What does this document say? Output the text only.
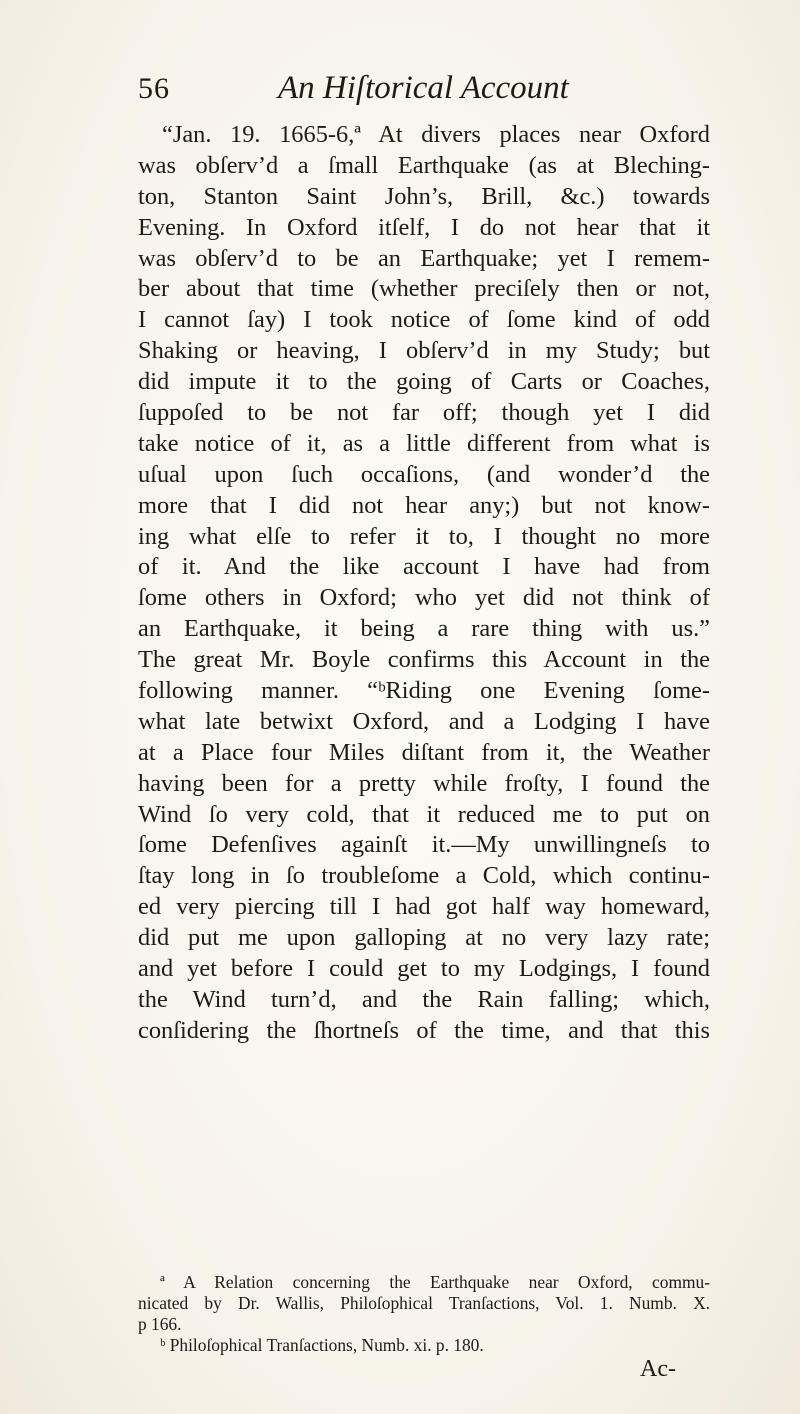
56	An Hiſtorical Account
“Jan. 19. 1665-6,ª At divers places near Oxford
was obſerv’d a ſmall Earthquake (as at Bleching-
ton, Stanton Saint John’s, Brill, &c.) towards
Evening. In Oxford itſelf, I do not hear that it
was obſerv’d to be an Earthquake; yet I remem-
ber about that time (whether preciſely then or not,
I cannot ſay) I took notice of ſome kind of odd
Shaking or heaving, I obſerv’d in my Study; but
did impute it to the going of Carts or Coaches,
ſuppoſed to be not far off; though yet I did
take notice of it, as a little different from what is
uſual upon ſuch occaſions, (and wonder’d the
more that I did not hear any;) but not know-
ing what elſe to refer it to, I thought no more
of it. And the like account I have had from
ſome others in Oxford; who yet did not think of
an Earthquake, it being a rare thing with us.”
The great Mr. Boyle confirms this Account in the
following manner. “ᵇRiding one Evening ſome-
what late betwixt Oxford, and a Lodging I have
at a Place four Miles diſtant from it, the Weather
having been for a pretty while froſty, I found the
Wind ſo very cold, that it reduced me to put on
ſome Defenſives againſt it.—My unwillingneſs to
ſtay long in ſo troubleſome a Cold, which continu-
ed very piercing till I had got half way homeward,
did put me upon galloping at no very lazy rate;
and yet before I could get to my Lodgings, I found
the Wind turn’d, and the Rain falling; which,
conſidering the ſhortneſs of the time, and that this
ª A Relation concerning the Earthquake near Oxford, commu-
nicated by Dr. Wallis, Philoſophical Tranſactions, Vol. 1. Numb. X.
p 166.
ᵇ Philoſophical Tranſactions, Numb. xi. p. 180.
Ac-
